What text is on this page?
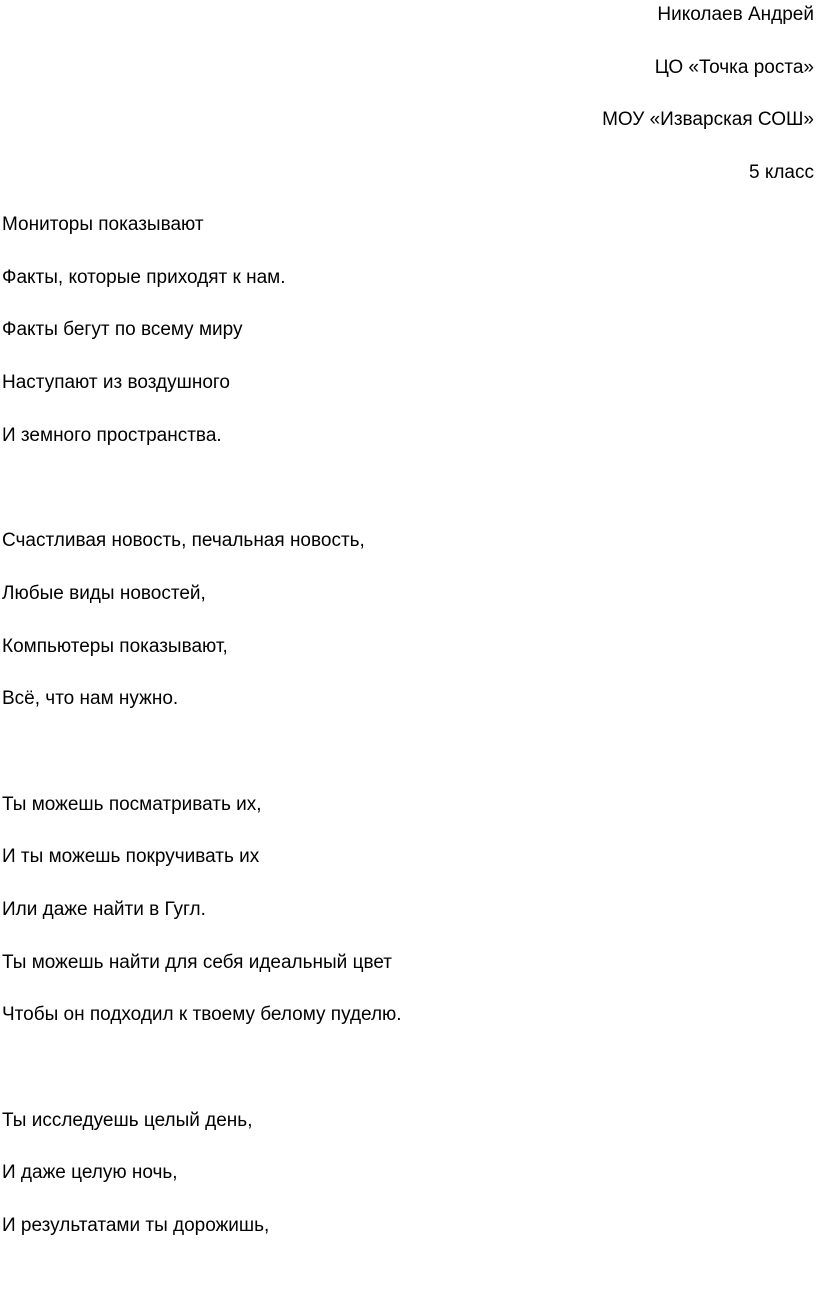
Николаев Андрей
ЦО «Точка роста»
МОУ «Изварская СОШ»
5 класс
Мониторы показывают
Факты, которые приходят к нам.
Факты бегут по всему миру
Наступают из воздушного
И земного пространства.
Счастливая новость, печальная новость,
Любые виды новостей,
Компьютеры показывают,
Всё, что нам нужно.
Ты можешь посматривать их,
И ты можешь покручивать их
Или даже найти в Гугл.
Ты можешь найти для себя идеальный цвет
Чтобы он подходил к твоему белому пуделю.
Ты исследуешь целый день,
И даже целую ночь,
И результатами ты дорожишь,
